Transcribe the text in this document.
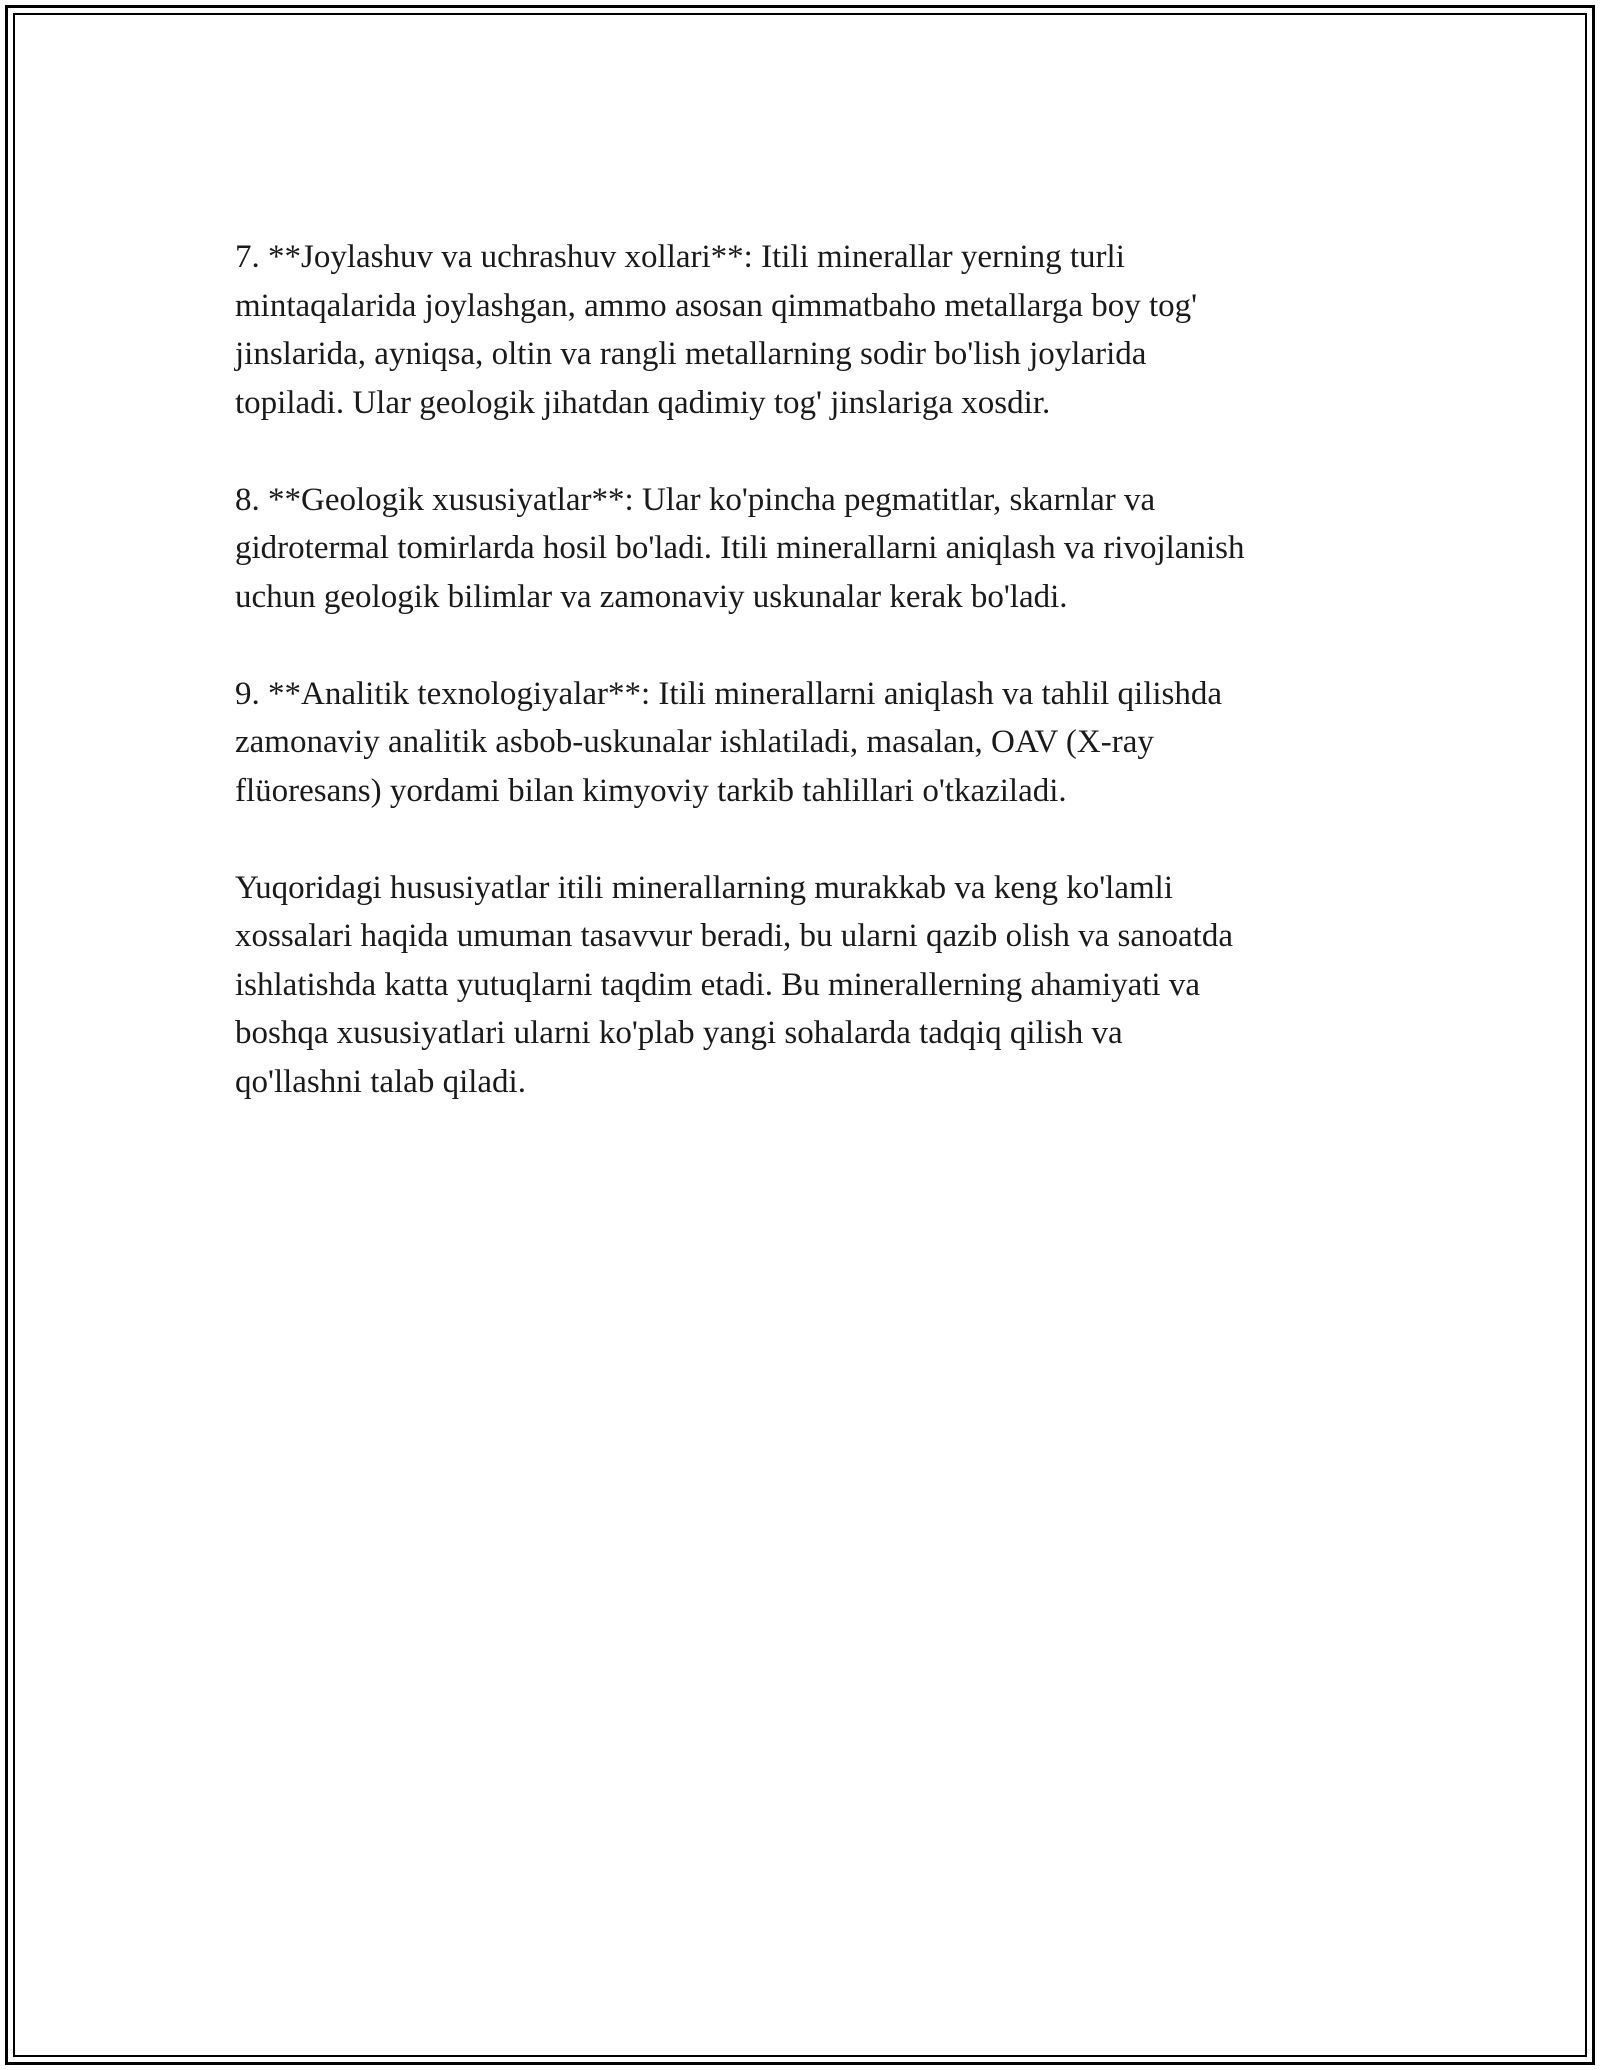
7. **Joylashuv va uchrashuv xollari**: Itili minerallar yerning turli
mintaqalarida joylashgan, ammo asosan qimmatbaho metallarga boy tog'
jinslarida, ayniqsa, oltin va rangli metallarning sodir bo'lish joylarida
topiladi. Ular geologik jihatdan qadimiy tog' jinslariga xosdir.

8. **Geologik xususiyatlar**: Ular ko'pincha pegmatitlar, skarnlar va
gidrotermal tomirlarda hosil bo'ladi. Itili minerallarni aniqlash va rivojlanish
uchun geologik bilimlar va zamonaviy uskunalar kerak bo'ladi.

9. **Analitik texnologiyalar**: Itili minerallarni aniqlash va tahlil qilishda
zamonaviy analitik asbob-uskunalar ishlatiladi, masalan, OAV (X-ray
flüoresans) yordami bilan kimyoviy tarkib tahlillari o'tkaziladi.

Yuqoridagi hususiyatlar itili minerallarning murakkab va keng ko'lamli
xossalari haqida umuman tasavvur beradi, bu ularni qazib olish va sanoatda
ishlatishda katta yutuqlarni taqdim etadi. Bu minerallerning ahamiyati va
boshqa xususiyatlari ularni ko'plab yangi sohalarda tadqiq qilish va
qo'llashni talab qiladi.
